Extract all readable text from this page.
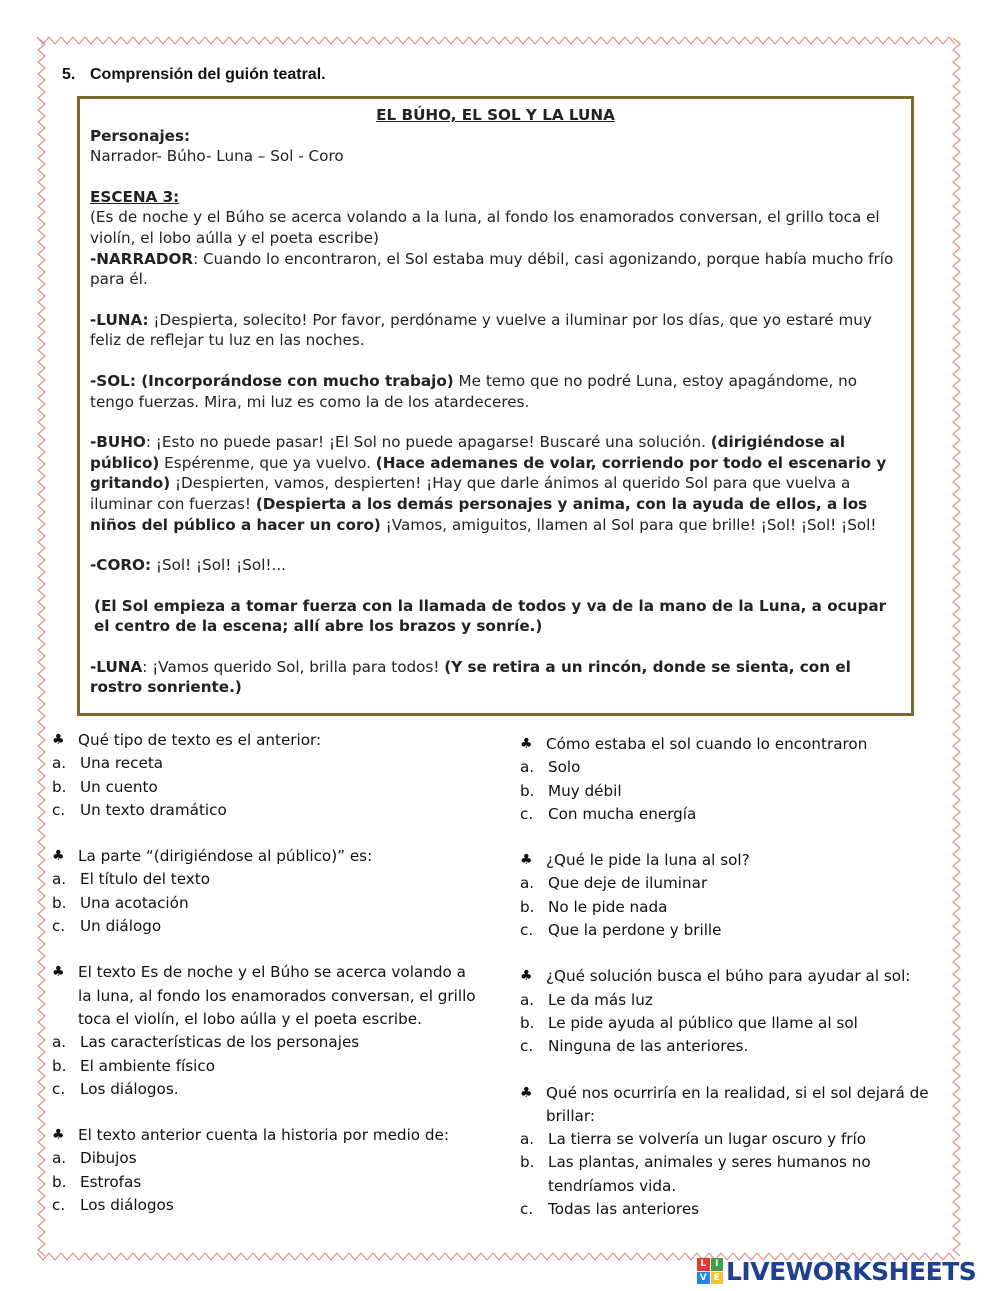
5. Comprensión del guión teatral.

EL BÚHO, EL SOL Y LA LUNA

Personajes:

Narrador- Búho- Luna – Sol - Coro

ESCENA 3:

(Es de noche y el Búho se acerca volando a la luna, al fondo los enamorados conversan, el grillo toca el violín, el lobo aúlla y el poeta escribe)

-NARRADOR: Cuando lo encontraron, el Sol estaba muy débil, casi agonizando, porque había mucho frío para él.

-LUNA: ¡Despierta, solecito! Por favor, perdóname y vuelve a iluminar por los días, que yo estaré muy feliz de reflejar tu luz en las noches.

-SOL: (Incorporándose con mucho trabajo) Me temo que no podré Luna, estoy apagándome, no tengo fuerzas. Mira, mi luz es como la de los atardeceres.

-BUHO: ¡Esto no puede pasar! ¡El Sol no puede apagarse! Buscaré una solución. (dirigiéndose al público) Espérenme, que ya vuelvo. (Hace ademanes de volar, corriendo por todo el escenario y gritando) ¡Despierten, vamos, despierten! ¡Hay que darle ánimos al querido Sol para que vuelva a iluminar con fuerzas! (Despierta a los demás personajes y anima, con la ayuda de ellos, a los niños del público a hacer un coro) ¡Vamos, amiguitos, llamen al Sol para que brille! ¡Sol! ¡Sol! ¡Sol!

-CORO: ¡Sol! ¡Sol! ¡Sol!...

(El Sol empieza a tomar fuerza con la llamada de todos y va de la mano de la Luna, a ocupar el centro de la escena; allí abre los brazos y sonríe.)

-LUNA: ¡Vamos querido Sol, brilla para todos! (Y se retira a un rincón, donde se sienta, con el rostro sonriente.)

♣ Qué tipo de texto es el anterior:
a. Una receta
b. Un cuento
c. Un texto dramático
♣ La parte “(dirigiéndose al público)” es:
a. El título del texto
b. Una acotación
c. Un diálogo
♣ El texto Es de noche y el Búho se acerca volando a la luna, al fondo los enamorados conversan, el grillo toca el violín, el lobo aúlla y el poeta escribe.
a. Las características de los personajes
b. El ambiente físico
c. Los diálogos.
♣ El texto anterior cuenta la historia por medio de:
a. Dibujos
b. Estrofas
c. Los diálogos
♣ Cómo estaba el sol cuando lo encontraron
a. Solo
b. Muy débil
c. Con mucha energía
♣ ¿Qué le pide la luna al sol?
a. Que deje de iluminar
b. No le pide nada
c. Que la perdone y brille
♣ ¿Qué solución busca el búho para ayudar al sol:
a. Le da más luz
b. Le pide ayuda al público que llame al sol
c. Ninguna de las anteriores.
♣ Qué nos ocurriría en la realidad, si el sol dejará de brillar:
a. La tierra se volvería un lugar oscuro y frío
b. Las plantas, animales y seres humanos no tendríamos vida.
c. Todas las anteriores
L I
V E LIVEWORKSHEETS
